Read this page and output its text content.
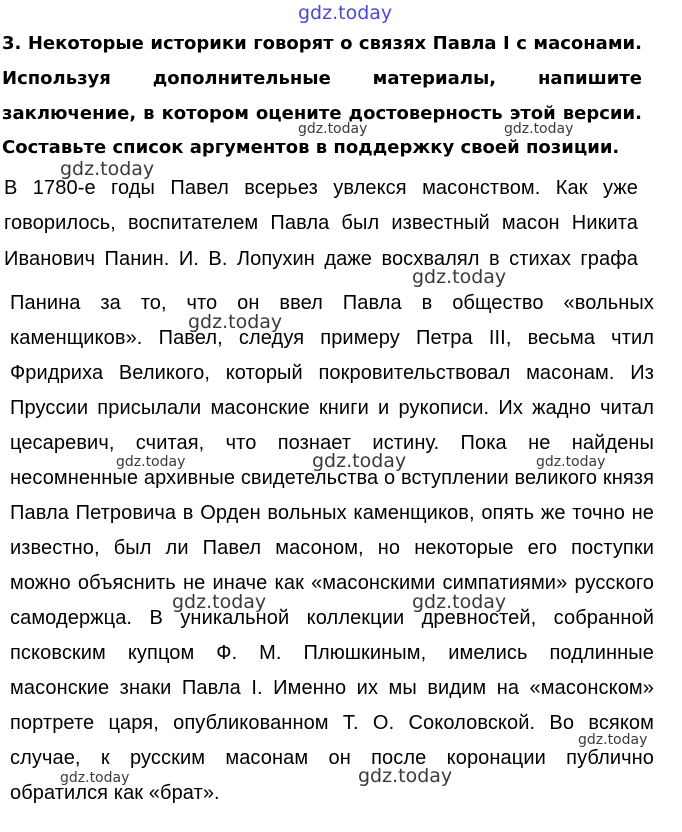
gdz.today
gdz.today	gdz.today
gdz.today
gdz.today
gdz.today
gdz.today	gdz.today	gdz.today
gdz.today	gdz.today
gdz.today
gdz.today	gdz.today
3. Некоторые историки говорят о связях Павла I с масонами.
Используя дополнительные материалы, напишите
заключение, в котором оцените достоверность этой версии.
Составьте список аргументов в поддержку своей позиции.
В 1780-е годы Павел всерьез увлекся масонством. Как уже
говорилось, воспитателем Павла был известный масон Никита
Иванович Панин. И. В. Лопухин даже восхвалял в стихах графа
Панина за то, что он ввел Павла в общество «вольных
каменщиков». Павел, следуя примеру Петра III, весьма чтил
Фридриха Великого, который покровительствовал масонам. Из
Пруссии присылали масонские книги и рукописи. Их жадно читал
цесаревич, считая, что познает истину. Пока не найдены
несомненные архивные свидетельства о вступлении великого князя
Павла Петровича в Орден вольных каменщиков, опять же точно не
известно, был ли Павел масоном, но некоторые его поступки
можно объяснить не иначе как «масонскими симпатиями» русского
самодержца. В уникальной коллекции древностей, собранной
псковским купцом Ф. М. Плюшкиным, имелись подлинные
масонские знаки Павла I. Именно их мы видим на «масонском»
портрете царя, опубликованном Т. О. Соколовской. Во всяком
случае, к русским масонам он после коронации публично
обратился как «брат».
